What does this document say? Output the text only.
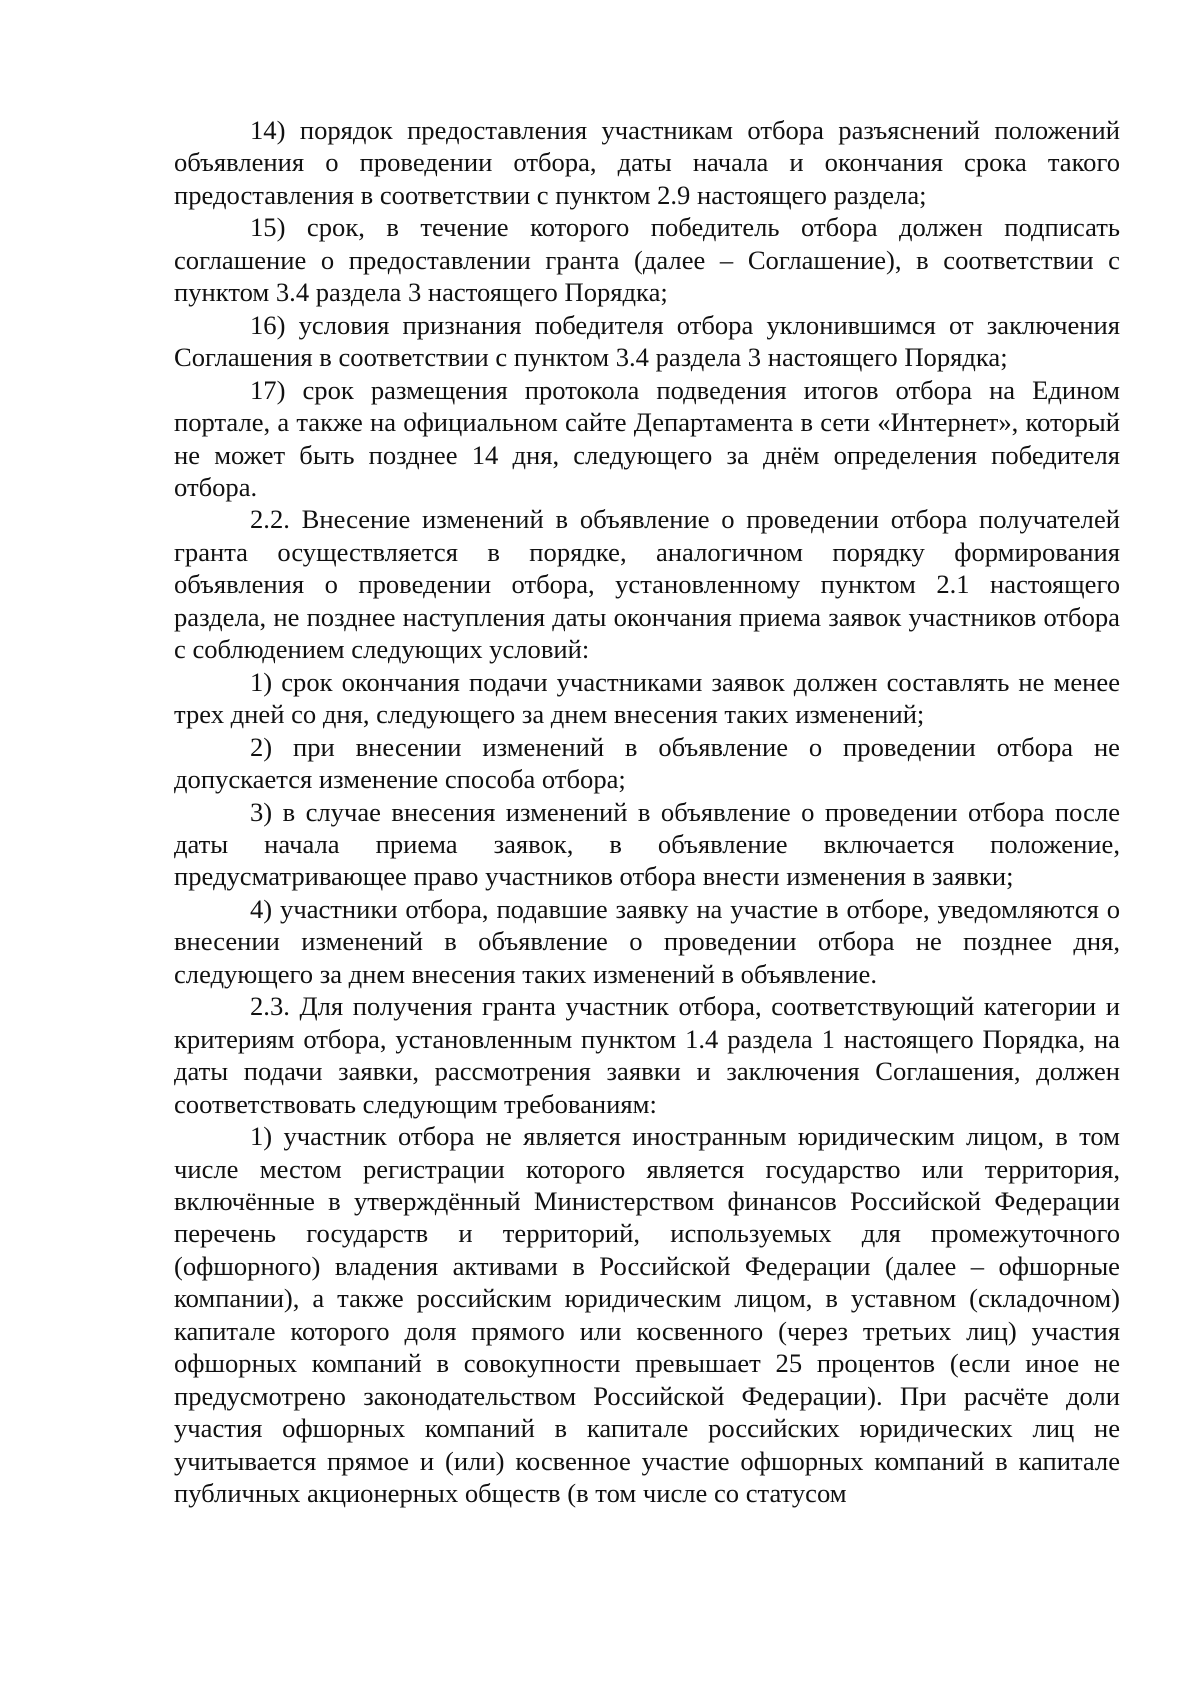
14) порядок предоставления участникам отбора разъяснений положений объявления о проведении отбора, даты начала и окончания срока такого предоставления в соответствии с пунктом 2.9 настоящего раздела;

15) срок, в течение которого победитель отбора должен подписать соглашение о предоставлении гранта (далее – Соглашение), в соответствии с пунктом 3.4 раздела 3 настоящего Порядка;

16) условия признания победителя отбора уклонившимся от заключения Соглашения в соответствии с пунктом 3.4 раздела 3 настоящего Порядка;

17) срок размещения протокола подведения итогов отбора на Едином портале, а также на официальном сайте Департамента в сети «Интернет», который не может быть позднее 14 дня, следующего за днём определения победителя отбора.

2.2. Внесение изменений в объявление о проведении отбора получателей гранта осуществляется в порядке, аналогичном порядку формирования объявления о проведении отбора, установленному пунктом 2.1 настоящего раздела, не позднее наступления даты окончания приема заявок участников отбора с соблюдением следующих условий:

1) срок окончания подачи участниками заявок должен составлять не менее трех дней со дня, следующего за днем внесения таких изменений;

2) при внесении изменений в объявление о проведении отбора не допускается изменение способа отбора;

3) в случае внесения изменений в объявление о проведении отбора после даты начала приема заявок, в объявление включается положение, предусматривающее право участников отбора внести изменения в заявки;

4) участники отбора, подавшие заявку на участие в отборе, уведомляются о внесении изменений в объявление о проведении отбора не позднее дня, следующего за днем внесения таких изменений в объявление.

2.3. Для получения гранта участник отбора, соответствующий категории и критериям отбора, установленным пунктом 1.4 раздела 1 настоящего Порядка, на даты подачи заявки, рассмотрения заявки и заключения Соглашения, должен соответствовать следующим требованиям:

1) участник отбора не является иностранным юридическим лицом, в том числе местом регистрации которого является государство или территория, включённые в утверждённый Министерством финансов Российской Федерации перечень государств и территорий, используемых для промежуточного (офшорного) владения активами в Российской Федерации (далее – офшорные компании), а также российским юридическим лицом, в уставном (складочном) капитале которого доля прямого или косвенного (через третьих лиц) участия офшорных компаний в совокупности превышает 25 процентов (если иное не предусмотрено законодательством Российской Федерации). При расчёте доли участия офшорных компаний в капитале российских юридических лиц не учитывается прямое и (или) косвенное участие офшорных компаний в капитале публичных акционерных обществ (в том числе со статусом
